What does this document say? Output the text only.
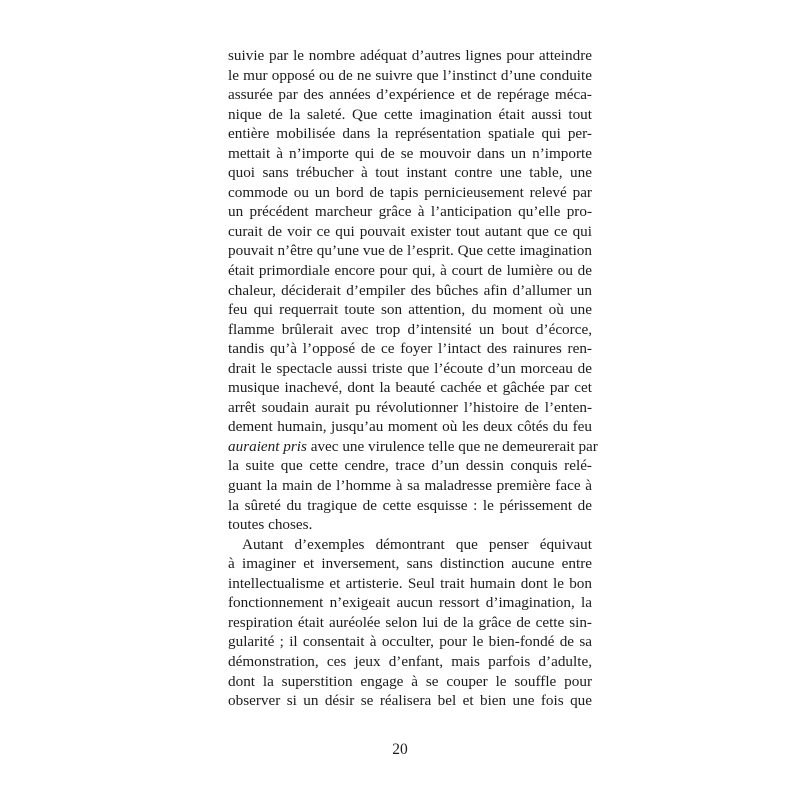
suivie par le nombre adéquat d’autres lignes pour atteindre
le mur opposé ou de ne suivre que l’instinct d’une conduite
assurée par des années d’expérience et de repérage méca-
nique de la saleté. Que cette imagination était aussi tout
entière mobilisée dans la représentation spatiale qui per-
mettait à n’importe qui de se mouvoir dans un n’importe
quoi sans trébucher à tout instant contre une table, une
commode ou un bord de tapis pernicieusement relevé par
un précédent marcheur grâce à l’anticipation qu’elle pro-
curait de voir ce qui pouvait exister tout autant que ce qui
pouvait n’être qu’une vue de l’esprit. Que cette imagination
était primordiale encore pour qui, à court de lumière ou de
chaleur, déciderait d’empiler des bûches afin d’allumer un
feu qui requerrait toute son attention, du moment où une
flamme brûlerait avec trop d’intensité un bout d’écorce,
tandis qu’à l’opposé de ce foyer l’intact des rainures ren-
drait le spectacle aussi triste que l’écoute d’un morceau de
musique inachevé, dont la beauté cachée et gâchée par cet
arrêt soudain aurait pu révolutionner l’histoire de l’enten-
dement humain, jusqu’au moment où les deux côtés du feu
auraient pris avec une virulence telle que ne demeurerait par
la suite que cette cendre, trace d’un dessin conquis relé-
guant la main de l’homme à sa maladresse première face à
la sûreté du tragique de cette esquisse : le périssement de
toutes choses.
Autant d’exemples démontrant que penser équivaut
à imaginer et inversement, sans distinction aucune entre
intellectualisme et artisterie. Seul trait humain dont le bon
fonctionnement n’exigeait aucun ressort d’imagination, la
respiration était auréolée selon lui de la grâce de cette sin-
gularité ; il consentait à occulter, pour le bien-fondé de sa
démonstration, ces jeux d’enfant, mais parfois d’adulte,
dont la superstition engage à se couper le souffle pour
observer si un désir se réalisera bel et bien une fois que
20
